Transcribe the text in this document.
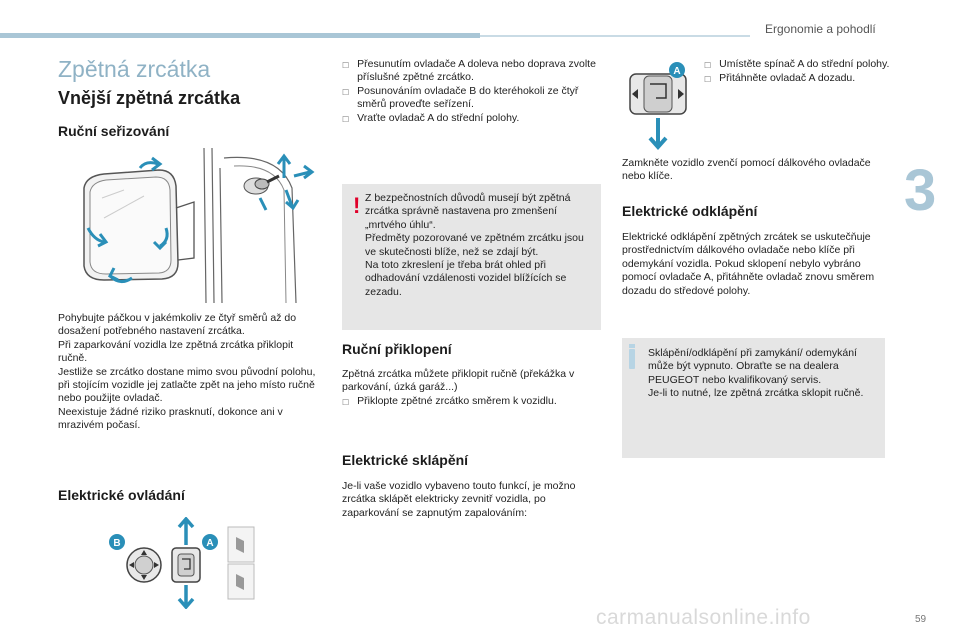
Ergonomie a pohodlí
3
59
carmanualsonline.info
Zpětná zrcátka
Vnější zpětná zrcátka
Ruční seřizování

Pohybujte páčkou v jakémkoliv ze čtyř směrů až do dosažení potřebného nastavení zrcátka.

Při zaparkování vozidla lze zpětná zrcátka přiklopit ručně.

Jestliže se zrcátko dostane mimo svou původní polohu, při stojícím vozidle jej zatlačte zpět na jeho místo ručně nebo použijte ovladač.

Neexistuje žádné riziko prasknutí, dokonce ani v mrazivém počasí.

Elektrické ovládání
B	A
☐ Přesunutím ovladače A doleva nebo doprava zvolte příslušné zpětné zrcátko.
☐ Posunováním ovladače B do kteréhokoli ze čtyř směrů proveďte seřízení.
☐ Vraťte ovladač A do střední polohy.
! Z bezpečnostních důvodů musejí být zpětná zrcátka správně nastavena pro zmenšení „mrtvého úhlu“.

Předměty pozorované ve zpětném zrcátku jsou ve skutečnosti blíže, než se zdají být.

Na toto zkreslení je třeba brát ohled při odhadování vzdálenosti vozidel blížících se zezadu.

Ruční přiklopení

Zpětná zrcátka můžete přiklopit ručně (překážka v parkování, úzká garáž...)

☐ Přiklopte zpětné zrcátko směrem k vozidlu.
Elektrické sklápění

Je-li vaše vozidlo vybaveno touto funkcí, je možno zrcátka sklápět elektricky zevnitř vozidla, po zaparkování se zapnutým zapalováním:

A
☐ Umístěte spínač A do střední polohy.
☐ Přitáhněte ovladač A dozadu.

Zamkněte vozidlo zvenčí pomocí dálkového ovladače nebo klíče.

Elektrické odklápění

Elektrické odklápění zpětných zrcátek se uskutečňuje prostřednictvím dálkového ovladače nebo klíče při odemykání vozidla. Pokud sklopení nebylo vybráno pomocí ovladače A, přitáhněte ovladač znovu směrem dozadu do středové polohy.

Sklápění/odklápění při zamykání/ odemykání může být vypnuto. Obraťte se na dealera PEUGEOT nebo kvalifikovaný servis.

Je-li to nutné, lze zpětná zrcátka sklopit ručně.
